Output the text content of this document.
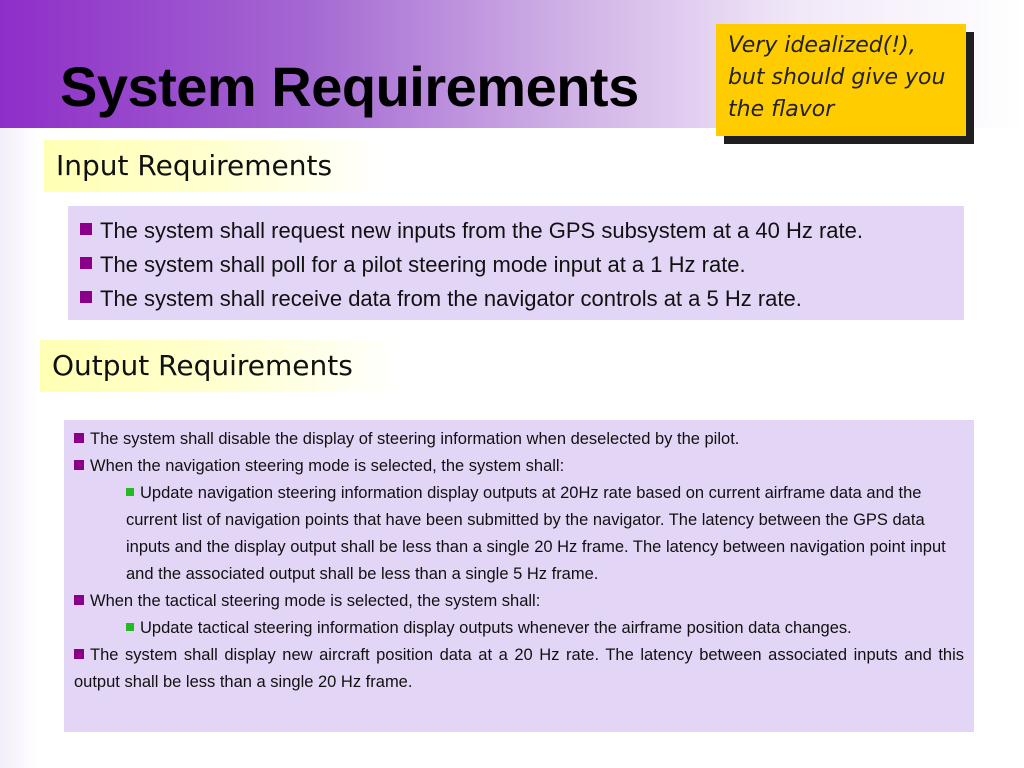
System Requirements
Very idealized(!), but should give you the flavor
Input Requirements
The system shall request new inputs from the GPS subsystem at a 40 Hz rate.
The system shall poll for a pilot steering mode input at a 1 Hz rate.
The system shall receive data from the navigator controls at a 5 Hz rate.
Output Requirements
The system shall disable the display of steering information when deselected by the pilot.
When the navigation steering mode is selected, the system shall:
Update navigation steering information display outputs at 20Hz rate based on current airframe data and the current list of navigation points that have been submitted by the navigator. The latency between the GPS data inputs and the display output shall be less than a single 20 Hz frame. The latency between navigation point input and the associated output shall be less than a single 5 Hz frame.
When the tactical steering mode is selected, the system shall:
Update tactical steering information display outputs whenever the airframe position data changes.
The system shall display new aircraft position data at a 20 Hz rate. The latency between associated inputs and this output shall be less than a single 20 Hz frame.
